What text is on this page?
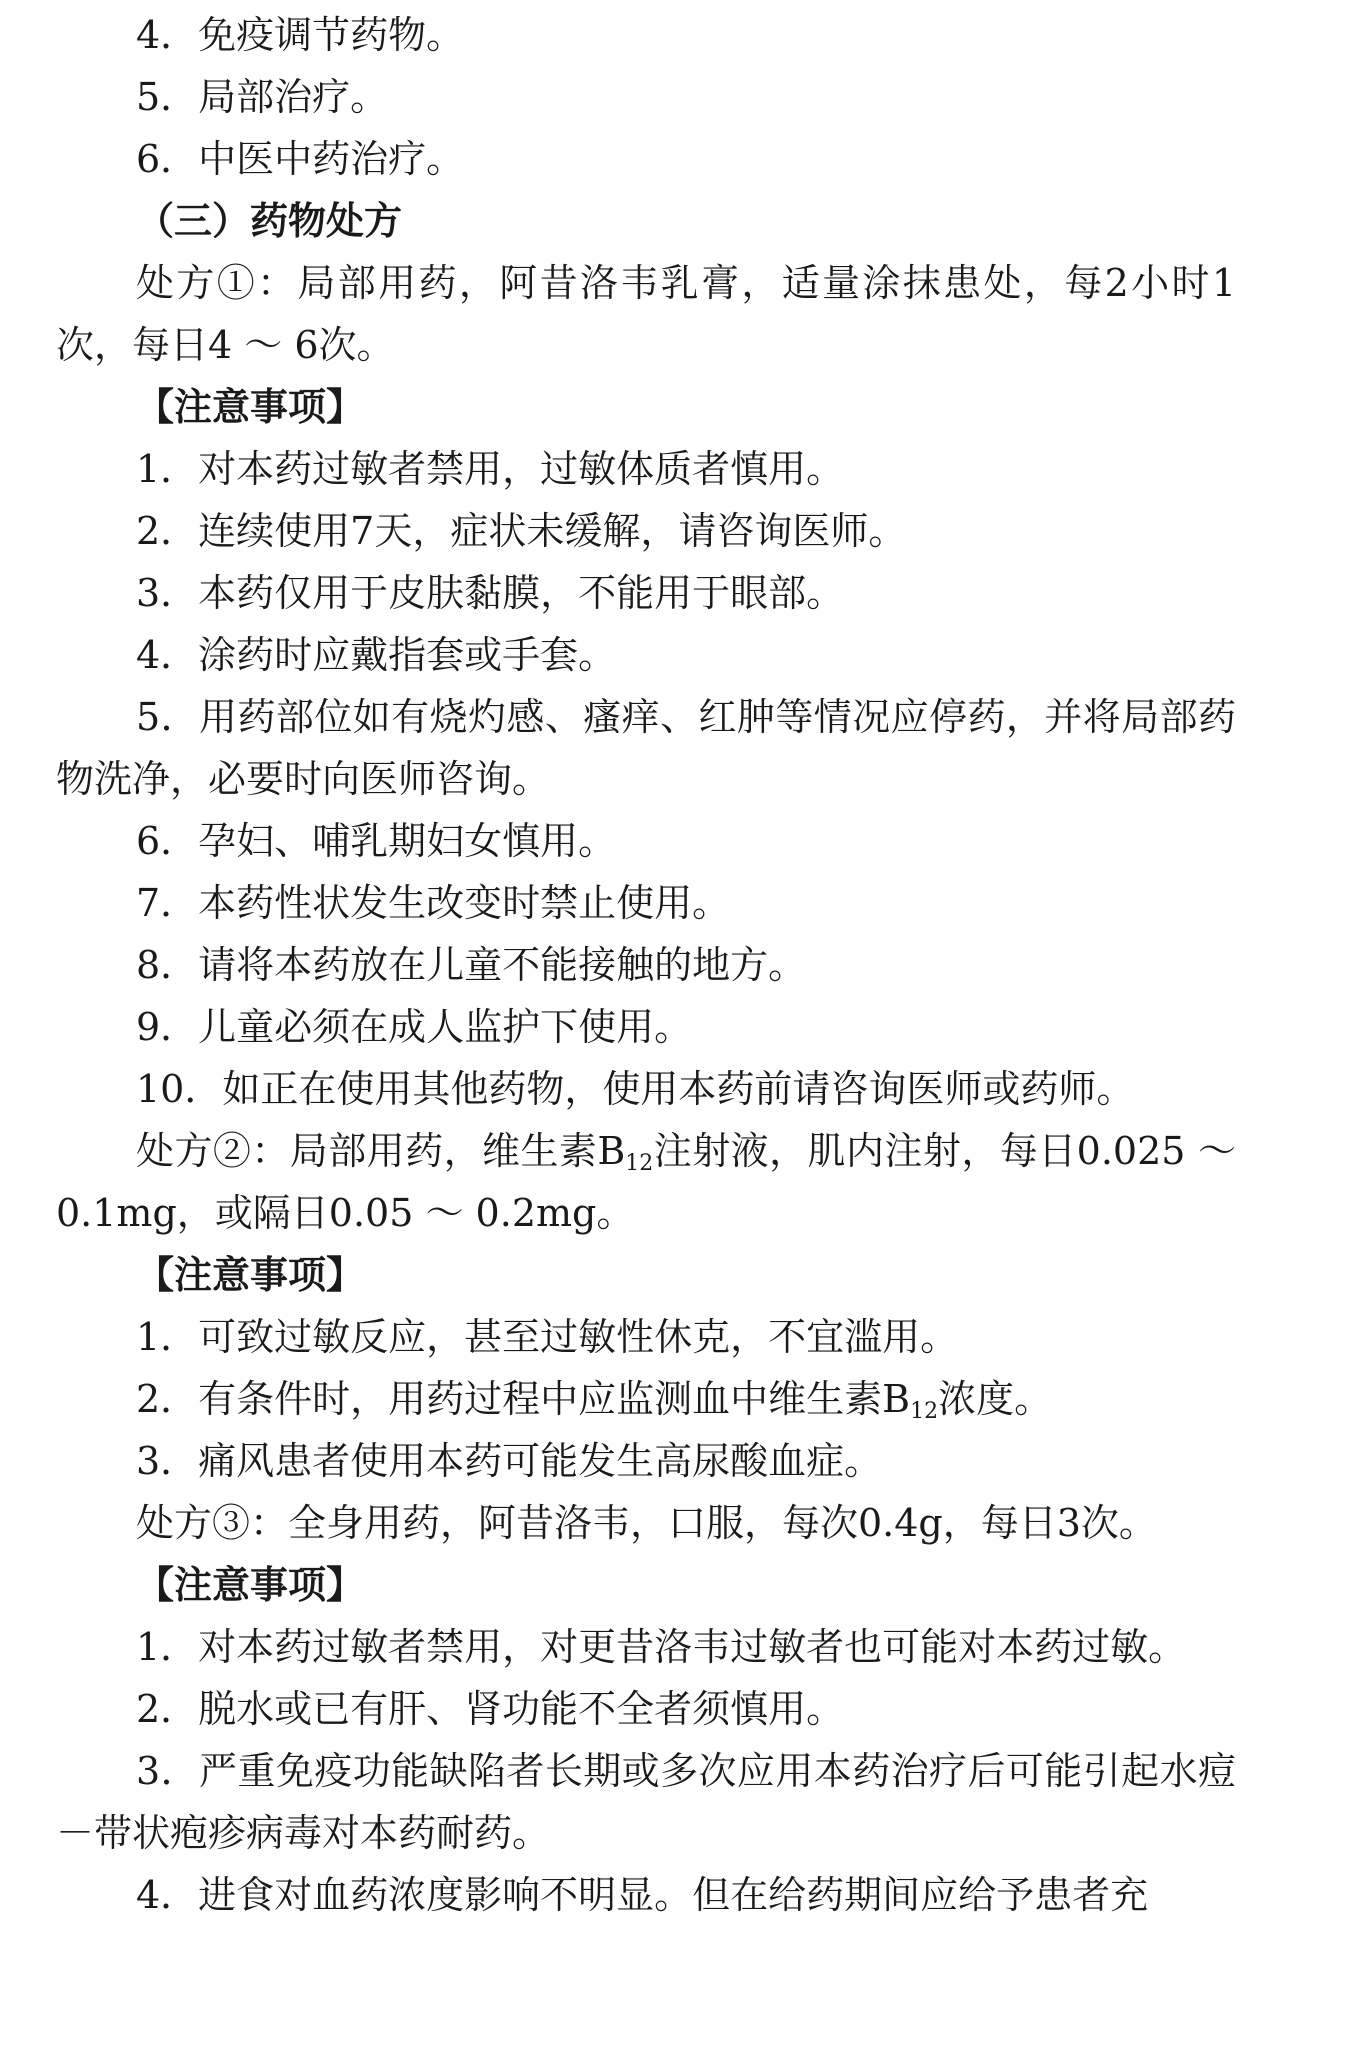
4．免疫调节药物。

5．局部治疗。

6．中医中药治疗。

（三）药物处方

处方①：局部用药，阿昔洛韦乳膏，适量涂抹患处，每2小时1次，每日4 ～ 6次。

【注意事项】

1．对本药过敏者禁用，过敏体质者慎用。

2．连续使用7天，症状未缓解，请咨询医师。

3．本药仅用于皮肤黏膜，不能用于眼部。

4．涂药时应戴指套或手套。

5．用药部位如有烧灼感、瘙痒、红肿等情况应停药，并将局部药物洗净，必要时向医师咨询。

6．孕妇、哺乳期妇女慎用。

7．本药性状发生改变时禁止使用。

8．请将本药放在儿童不能接触的地方。

9．儿童必须在成人监护下使用。

10．如正在使用其他药物，使用本药前请咨询医师或药师。

处方②：局部用药，维生素$B_{12}$注射液，肌内注射，每日0.025 ～ 0.1mg，或隔日0.05 ～ 0.2mg。

【注意事项】

1．可致过敏反应，甚至过敏性休克，不宜滥用。

2．有条件时，用药过程中应监测血中维生素$B_{12}$浓度。

3．痛风患者使用本药可能发生高尿酸血症。

处方③：全身用药，阿昔洛韦，口服，每次0.4g，每日3次。

【注意事项】

1．对本药过敏者禁用，对更昔洛韦过敏者也可能对本药过敏。

2．脱水或已有肝、肾功能不全者须慎用。

3．严重免疫功能缺陷者长期或多次应用本药治疗后可能引起水痘－带状疱疹病毒对本药耐药。

4．进食对血药浓度影响不明显。但在给药期间应给予患者充
